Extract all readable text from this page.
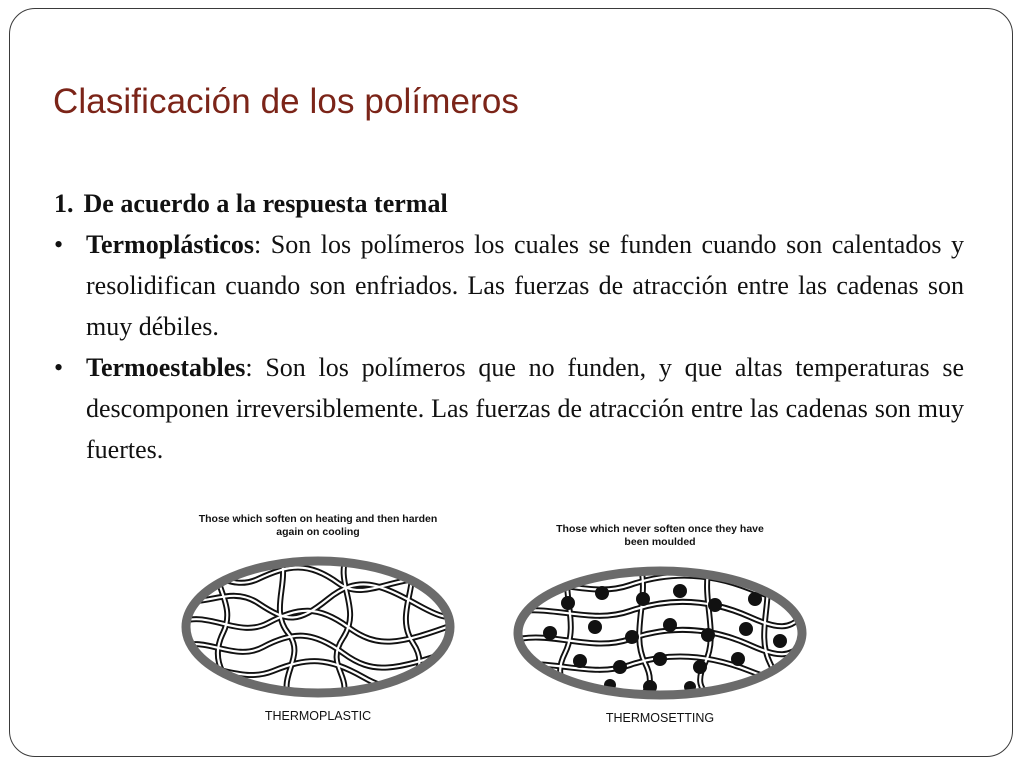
Clasificación de los polímeros
1. De acuerdo a la respuesta termal
• Termoplásticos: Son los polímeros los cuales se funden cuando son calentados y resolidifican cuando son enfriados. Las fuerzas de atracción entre las cadenas son muy débiles.
• Termoestables: Son los polímeros que no funden, y que altas temperaturas se descomponen irreversiblemente. Las fuerzas de atracción entre las cadenas son muy fuertes.
Those which soften on heating and then harden
again on cooling
THERMOPLASTIC
Those which never soften once they have
been moulded
THERMOSETTING
